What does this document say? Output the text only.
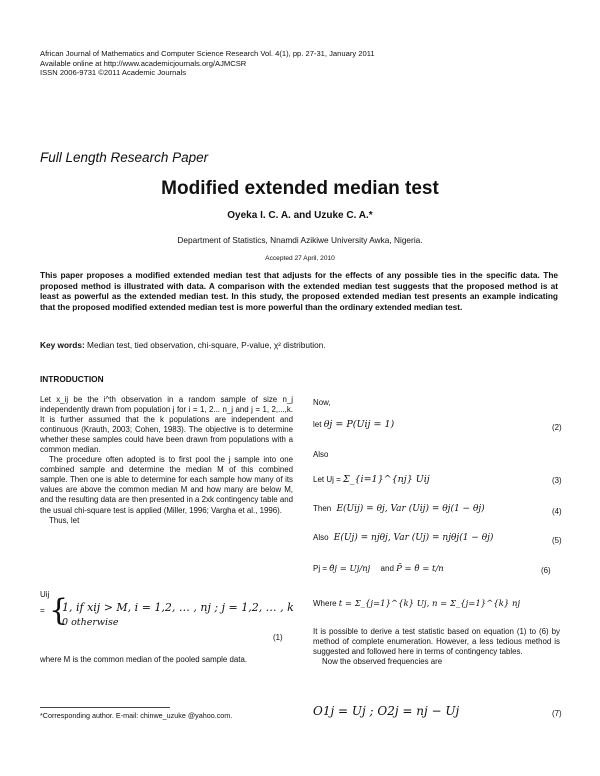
African Journal of Mathematics and Computer Science Research Vol. 4(1), pp. 27-31, January 2011
Available online at http://www.academicjournals.org/AJMCSR
ISSN 2006-9731 ©2011 Academic Journals
Full Length Research Paper
Modified extended median test
Oyeka I. C. A. and Uzuke C. A.*
Department of Statistics, Nnamdi Azikiwe University Awka, Nigeria.
Accepted 27 April, 2010
This paper proposes a modified extended median test that adjusts for the effects of any possible ties in the specific data. The proposed method is illustrated with data. A comparison with the extended median test suggests that the proposed method is at least as powerful as the extended median test. In this study, the proposed extended median test presents an example indicating that the proposed modified extended median test is more powerful than the ordinary extended median test.
Key words: Median test, tied observation, chi-square, P-value, χ² distribution.
INTRODUCTION

Let x_ij be the i^th observation in a random sample of size n_j independently drawn from population j for i = 1, 2... n_j and j = 1, 2,...,k. It is further assumed that the k populations are independent and continuous (Krauth, 2003; Cohen, 1983). The objective is to determine whether these samples could have been drawn from populations with a common median.

The procedure often adopted is to first pool the j sample into one combined sample and determine the median M of this combined sample. Then one is able to determine for each sample how many of its values are above the common median M and how many are below M, and the resulting data are then presented in a 2xk contingency table and the usual chi-square test is applied (Miller, 1996; Vargha et al., 1996).

Thus, let

Uij
= {
1, if xij > M, i = 1,2, … , nj ; j = 1,2, … , k
0 otherwise
(1)
where M is the common median of the pooled sample data.
Now,
let θj = P(Uij = 1)	(2)
Also
Let Uj = Σ_{i=1}^{nj} Uij	(3)
Then E(Uij) = θj, Var (Uij) = θj(1 − θj)	(4)
Also E(Uj) = njθj, Var (Uj) = njθj(1 − θj)	(5)
Pj = θ̂j = Uj/nj and P̄ = θ̄ = t/n	(6)
Where t = Σ_{j=1}^{k} Uj, n = Σ_{j=1}^{k} nj

It is possible to derive a test statistic based on equation (1) to (6) by method of complete enumeration. However, a less tedious method is suggested and followed here in terms of contingency tables.

Now the observed frequencies are

O1j = Uj ; O2j = nj − Uj	(7)
*Corresponding author. E-mail: chinwe_uzuke @yahoo.com.
